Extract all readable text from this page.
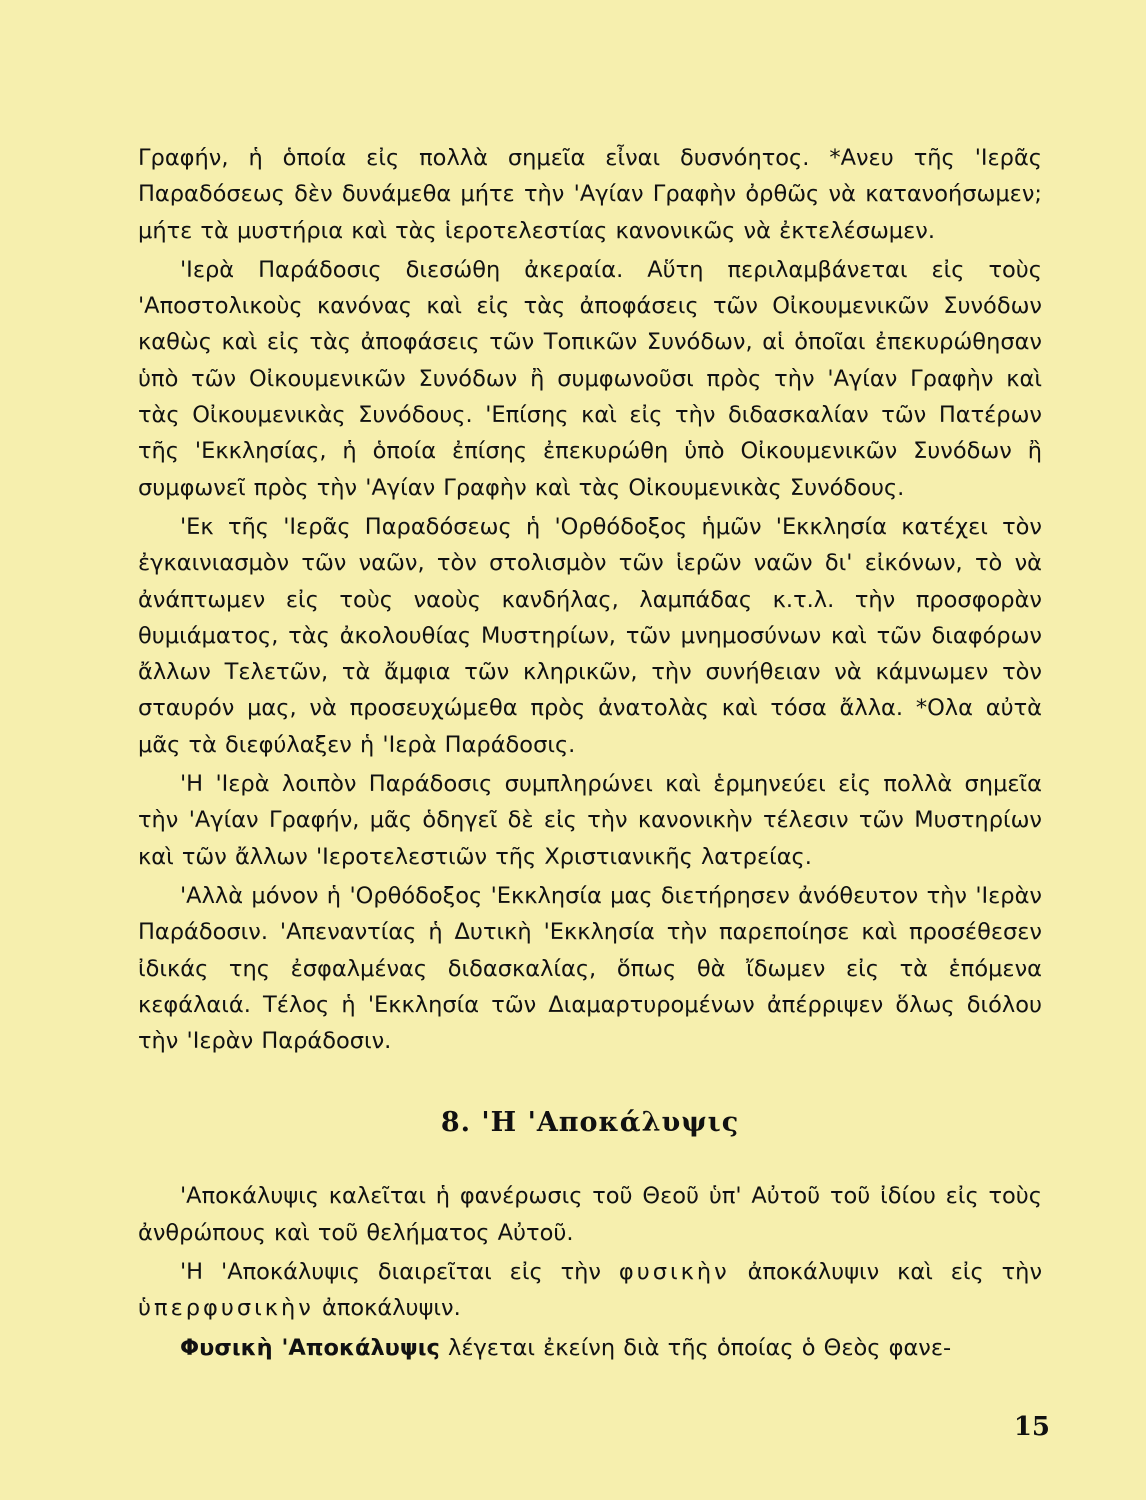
Γραφήν, ἡ ὁποία εἰς πολλὰ σημεῖα εἶναι δυσνόητος. *Ανευ τῆς 'Ιερᾶς Παραδόσεως δὲν δυνάμεθα μήτε τὴν 'Αγίαν Γραφὴν ὀρθῶς νὰ κατανοήσωμεν; μήτε τὰ μυστήρια καὶ τὰς ἱεροτελεστίας κανονικῶς νὰ ἐκτελέσωμεν.

'Ιερὰ Παράδοσις διεσώθη ἀκεραία. Αὕτη περιλαμβάνεται εἰς τοὺς 'Αποστολικοὺς κανόνας καὶ εἰς τὰς ἀποφάσεις τῶν Οἰκουμενικῶν Συνόδων καθὼς καὶ εἰς τὰς ἀποφάσεις τῶν Τοπικῶν Συνόδων, αἱ ὁποῖαι ἐπεκυρώθησαν ὑπὸ τῶν Οἰκουμενικῶν Συνόδων ἢ συμφωνοῦσι πρὸς τὴν 'Αγίαν Γραφὴν καὶ τὰς Οἰκουμενικὰς Συνόδους. 'Επίσης καὶ εἰς τὴν διδασκαλίαν τῶν Πατέρων τῆς 'Εκκλησίας, ἡ ὁποία ἐπίσης ἐπεκυρώθη ὑπὸ Οἰκουμενικῶν Συνόδων ἢ συμφωνεῖ πρὸς τὴν 'Αγίαν Γραφὴν καὶ τὰς Οἰκουμενικὰς Συνόδους.

'Εκ τῆς 'Ιερᾶς Παραδόσεως ἡ 'Ορθόδοξος ἡμῶν 'Εκκλησία κατέχει τὸν ἐγκαινιασμὸν τῶν ναῶν, τὸν στολισμὸν τῶν ἱερῶν ναῶν δι' εἰκόνων, τὸ νὰ ἀνάπτωμεν εἰς τοὺς ναοὺς κανδήλας, λαμπάδας κ.τ.λ. τὴν προσφορὰν θυμιάματος, τὰς ἀκολουθίας Μυστηρίων, τῶν μνημοσύνων καὶ τῶν διαφόρων ἄλλων Τελετῶν, τὰ ἄμφια τῶν κληρικῶν, τὴν συνήθειαν νὰ κάμνωμεν τὸν σταυρόν μας, νὰ προσευχώμεθα πρὸς ἀνατολὰς καὶ τόσα ἄλλα. *Ολα αὐτὰ μᾶς τὰ διεφύλαξεν ἡ 'Ιερὰ Παράδοσις.

'Η 'Ιερὰ λοιπὸν Παράδοσις συμπληρώνει καὶ ἑρμηνεύει εἰς πολλὰ σημεῖα τὴν 'Αγίαν Γραφήν, μᾶς ὁδηγεῖ δὲ εἰς τὴν κανονικὴν τέλεσιν τῶν Μυστηρίων καὶ τῶν ἄλλων 'Ιεροτελεστιῶν τῆς Χριστιανικῆς λατρείας.

'Αλλὰ μόνον ἡ 'Ορθόδοξος 'Εκκλησία μας διετήρησεν ἀνόθευτον τὴν 'Ιερὰν Παράδοσιν. 'Απεναντίας ἡ Δυτικὴ 'Εκκλησία τὴν παρεποίησε καὶ προσέθεσεν ἰδικάς της ἐσφαλμένας διδασκαλίας, ὅπως θὰ ἴδωμεν εἰς τὰ ἑπόμενα κεφάλαιά. Τέλος ἡ 'Εκκλησία τῶν Διαμαρτυρομένων ἀπέρριψεν ὅλως διόλου τὴν 'Ιερὰν Παράδοσιν.

8. 'Η 'Αποκάλυψις

'Αποκάλυψις καλεῖται ἡ φανέρωσις τοῦ Θεοῦ ὑπ' Αὐτοῦ τοῦ ἰδίου εἰς τοὺς ἀνθρώπους καὶ τοῦ θελήματος Αὐτοῦ.

'Η 'Αποκάλυψις διαιρεῖται εἰς τὴν φυσικὴν ἀποκάλυψιν καὶ εἰς τὴν ὑπερφυσικὴν ἀποκάλυψιν.

Φυσικὴ 'Αποκάλυψις λέγεται ἐκείνη διὰ τῆς ὁποίας ὁ Θεὸς φανε-

15
